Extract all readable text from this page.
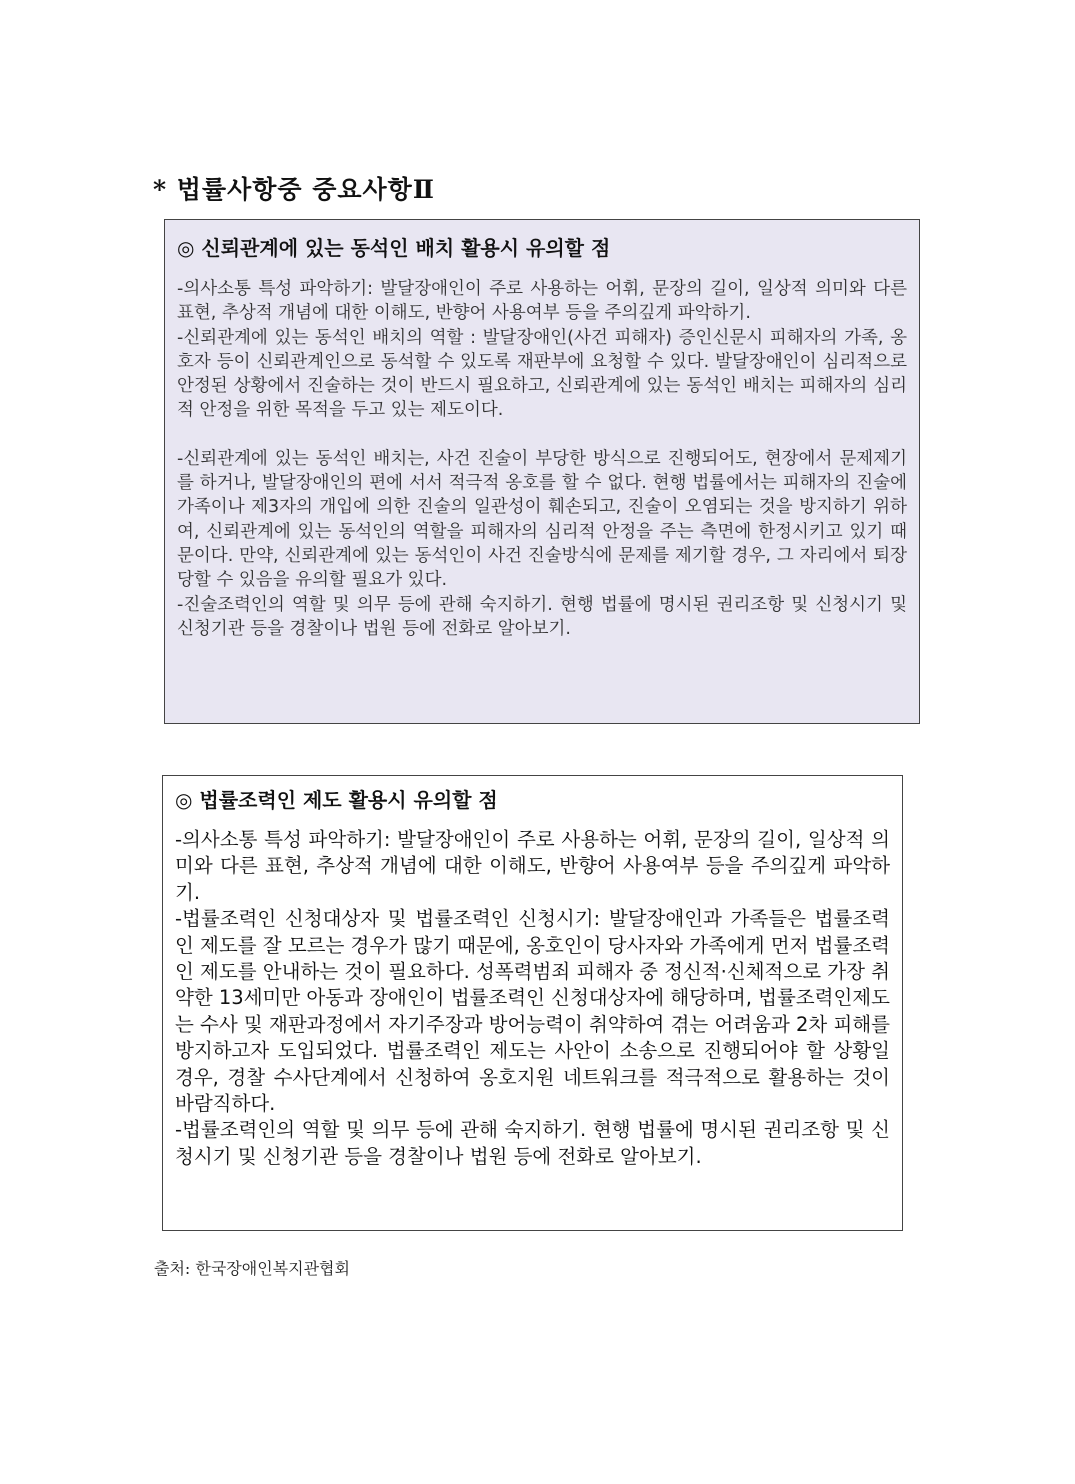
* 법률사항중 중요사항Ⅱ
◎ 신뢰관계에 있는 동석인 배치 활용시 유의할 점

-의사소통 특성 파악하기: 발달장애인이 주로 사용하는 어휘, 문장의 길이, 일상적 의미와 다른 표현, 추상적 개념에 대한 이해도, 반향어 사용여부 등을 주의깊게 파악하기.

-신뢰관계에 있는 동석인 배치의 역할 : 발달장애인(사건 피해자) 증인신문시 피해자의 가족, 옹호자 등이 신뢰관계인으로 동석할 수 있도록 재판부에 요청할 수 있다. 발달장애인이 심리적으로 안정된 상황에서 진술하는 것이 반드시 필요하고, 신뢰관계에 있는 동석인 배치는 피해자의 심리적 안정을 위한 목적을 두고 있는 제도이다.

-신뢰관계에 있는 동석인 배치는, 사건 진술이 부당한 방식으로 진행되어도, 현장에서 문제제기를 하거나, 발달장애인의 편에 서서 적극적 옹호를 할 수 없다. 현행 법률에서는 피해자의 진술에 가족이나 제3자의 개입에 의한 진술의 일관성이 훼손되고, 진술이 오염되는 것을 방지하기 위하여, 신뢰관계에 있는 동석인의 역할을 피해자의 심리적 안정을 주는 측면에 한정시키고 있기 때문이다. 만약, 신뢰관계에 있는 동석인이 사건 진술방식에 문제를 제기할 경우, 그 자리에서 퇴장당할 수 있음을 유의할 필요가 있다.

-진술조력인의 역할 및 의무 등에 관해 숙지하기. 현행 법률에 명시된 권리조항 및 신청시기 및 신청기관 등을 경찰이나 법원 등에 전화로 알아보기.

◎ 법률조력인 제도 활용시 유의할 점

-의사소통 특성 파악하기: 발달장애인이 주로 사용하는 어휘, 문장의 길이, 일상적 의미와 다른 표현, 추상적 개념에 대한 이해도, 반향어 사용여부 등을 주의깊게 파악하기.

-법률조력인 신청대상자 및 법률조력인 신청시기: 발달장애인과 가족들은 법률조력인 제도를 잘 모르는 경우가 많기 때문에, 옹호인이 당사자와 가족에게 먼저 법률조력인 제도를 안내하는 것이 필요하다. 성폭력범죄 피해자 중 정신적·신체적으로 가장 취약한 13세미만 아동과 장애인이 법률조력인 신청대상자에 해당하며, 법률조력인제도는 수사 및 재판과정에서 자기주장과 방어능력이 취약하여 겪는 어려움과 2차 피해를 방지하고자 도입되었다. 법률조력인 제도는 사안이 소송으로 진행되어야 할 상황일 경우, 경찰 수사단계에서 신청하여 옹호지원 네트워크를 적극적으로 활용하는 것이 바람직하다.

-법률조력인의 역할 및 의무 등에 관해 숙지하기. 현행 법률에 명시된 권리조항 및 신청시기 및 신청기관 등을 경찰이나 법원 등에 전화로 알아보기.

출처: 한국장애인복지관협회
